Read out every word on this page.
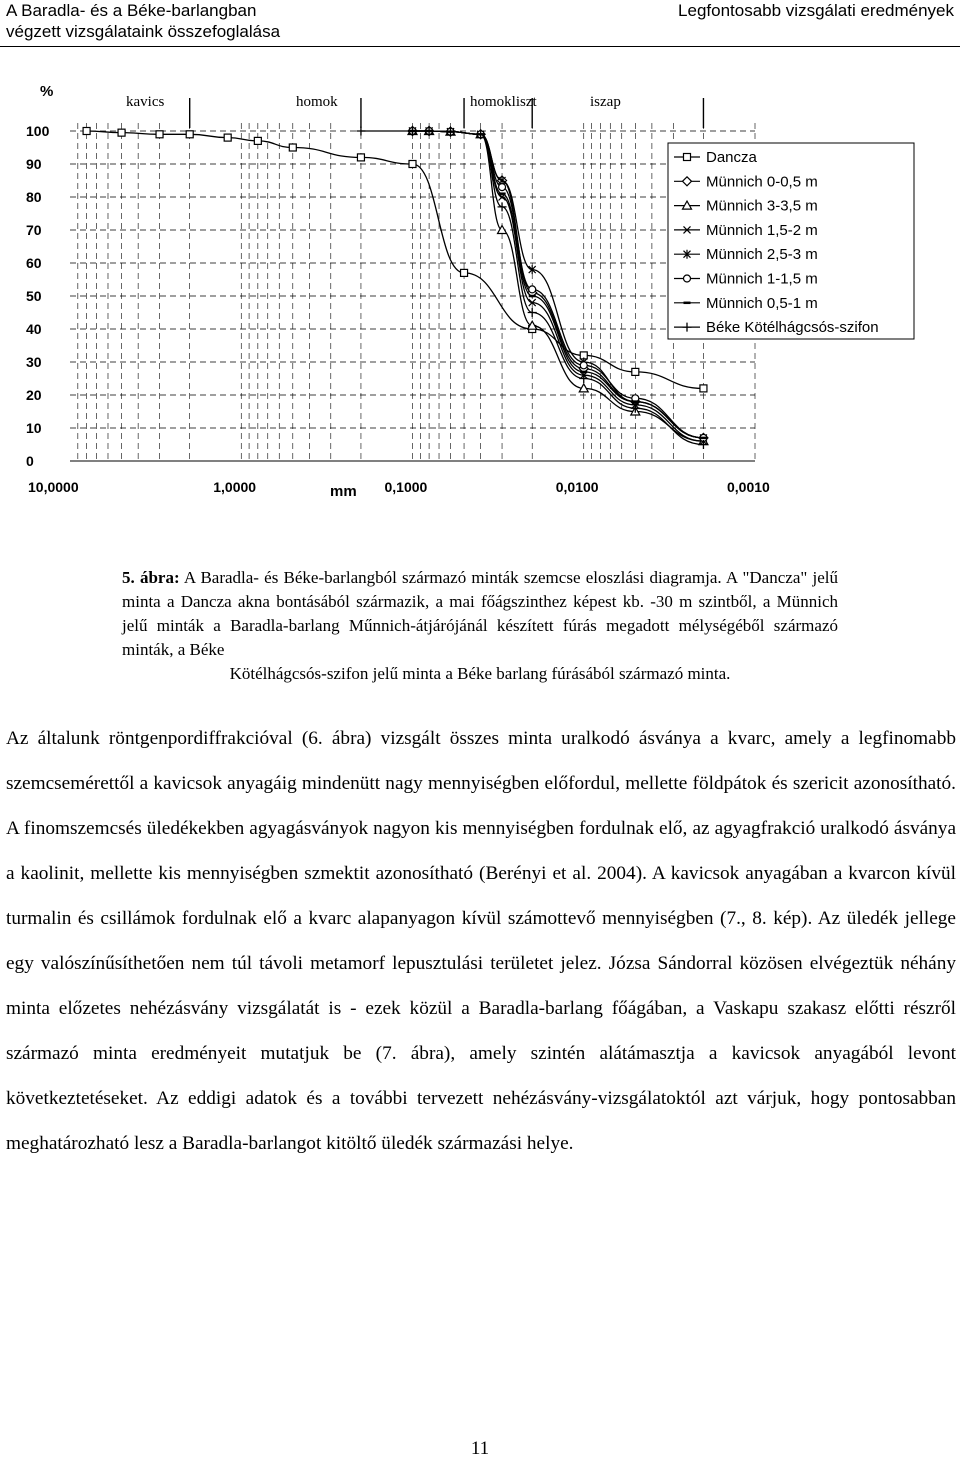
A Baradla- és a Béke-barlangban
végzett vizsgálataink összefoglalása
Legfontosabb vizsgálati eredmények
kavics	homok	homokliszt	iszap
0
10
20
30
40
50
60
70
80
90
100
%
10,0000	1,0000	0,1000	0,0100	0,0010
mm
Dancza
Münnich 0-0,5 m
Münnich 3-3,5 m
Münnich 1,5-2 m
Münnich 2,5-3 m
Münnich 1-1,5 m
Münnich 0,5-1 m
Béke Kötélhágcsós-szifon
5. ábra: A Baradla- és Béke-barlangból származó minták szemcse eloszlási diagramja. A "Dancza" jelű minta a Dancza akna bontásából származik, a mai főágszinthez képest kb. -30 m szintből, a Münnich jelű minták a Baradla-barlang Műnnich-átjárójánál készített fúrás megadott mélységéből származó minták, a Béke
Kötélhágcsós-szifon jelű minta a Béke barlang fúrásából származó minta.

Az általunk röntgenpordiffrakcióval (6. ábra) vizsgált összes minta uralkodó ásványa a kvarc, amely a legfinomabb szemcseméret​től a kavicsok anyagáig mindenütt nagy mennyiségben előfordul, mellette földpátok és szericit azonosítható. A finomszemcsés üledékekben agyagásványok nagyon kis mennyiségben fordulnak elő, az agyagfrakció uralkodó ásványa a kaolinit, mellette kis mennyiségben szmektit azonosítható (Berényi et al. 2004). A kavicsok anyagában a kvarcon kívül turmalin és csillámok fordulnak elő a kvarc alapanyagon kívül számottevő mennyiségben (7., 8. kép). Az üledék jellege egy valószínűsíthetően nem túl távoli metamorf lepusztulási területet jelez. Józsa Sándorral közösen elvégeztük néhány minta előzetes nehézásvány vizsgálatát is - ezek közül a Baradla-barlang főágában, a Vaskapu szakasz előtti részről származó minta eredményeit mutatjuk be (7. ábra), amely szintén alátámasztja a kavicsok anyagából levont következtetéseket. Az eddigi adatok és a további tervezett nehézásvány-vizsgálatoktól azt várjuk, hogy pontosabban meghatározható lesz a Baradla-barlangot kitöltő üledék származási helye.

11
